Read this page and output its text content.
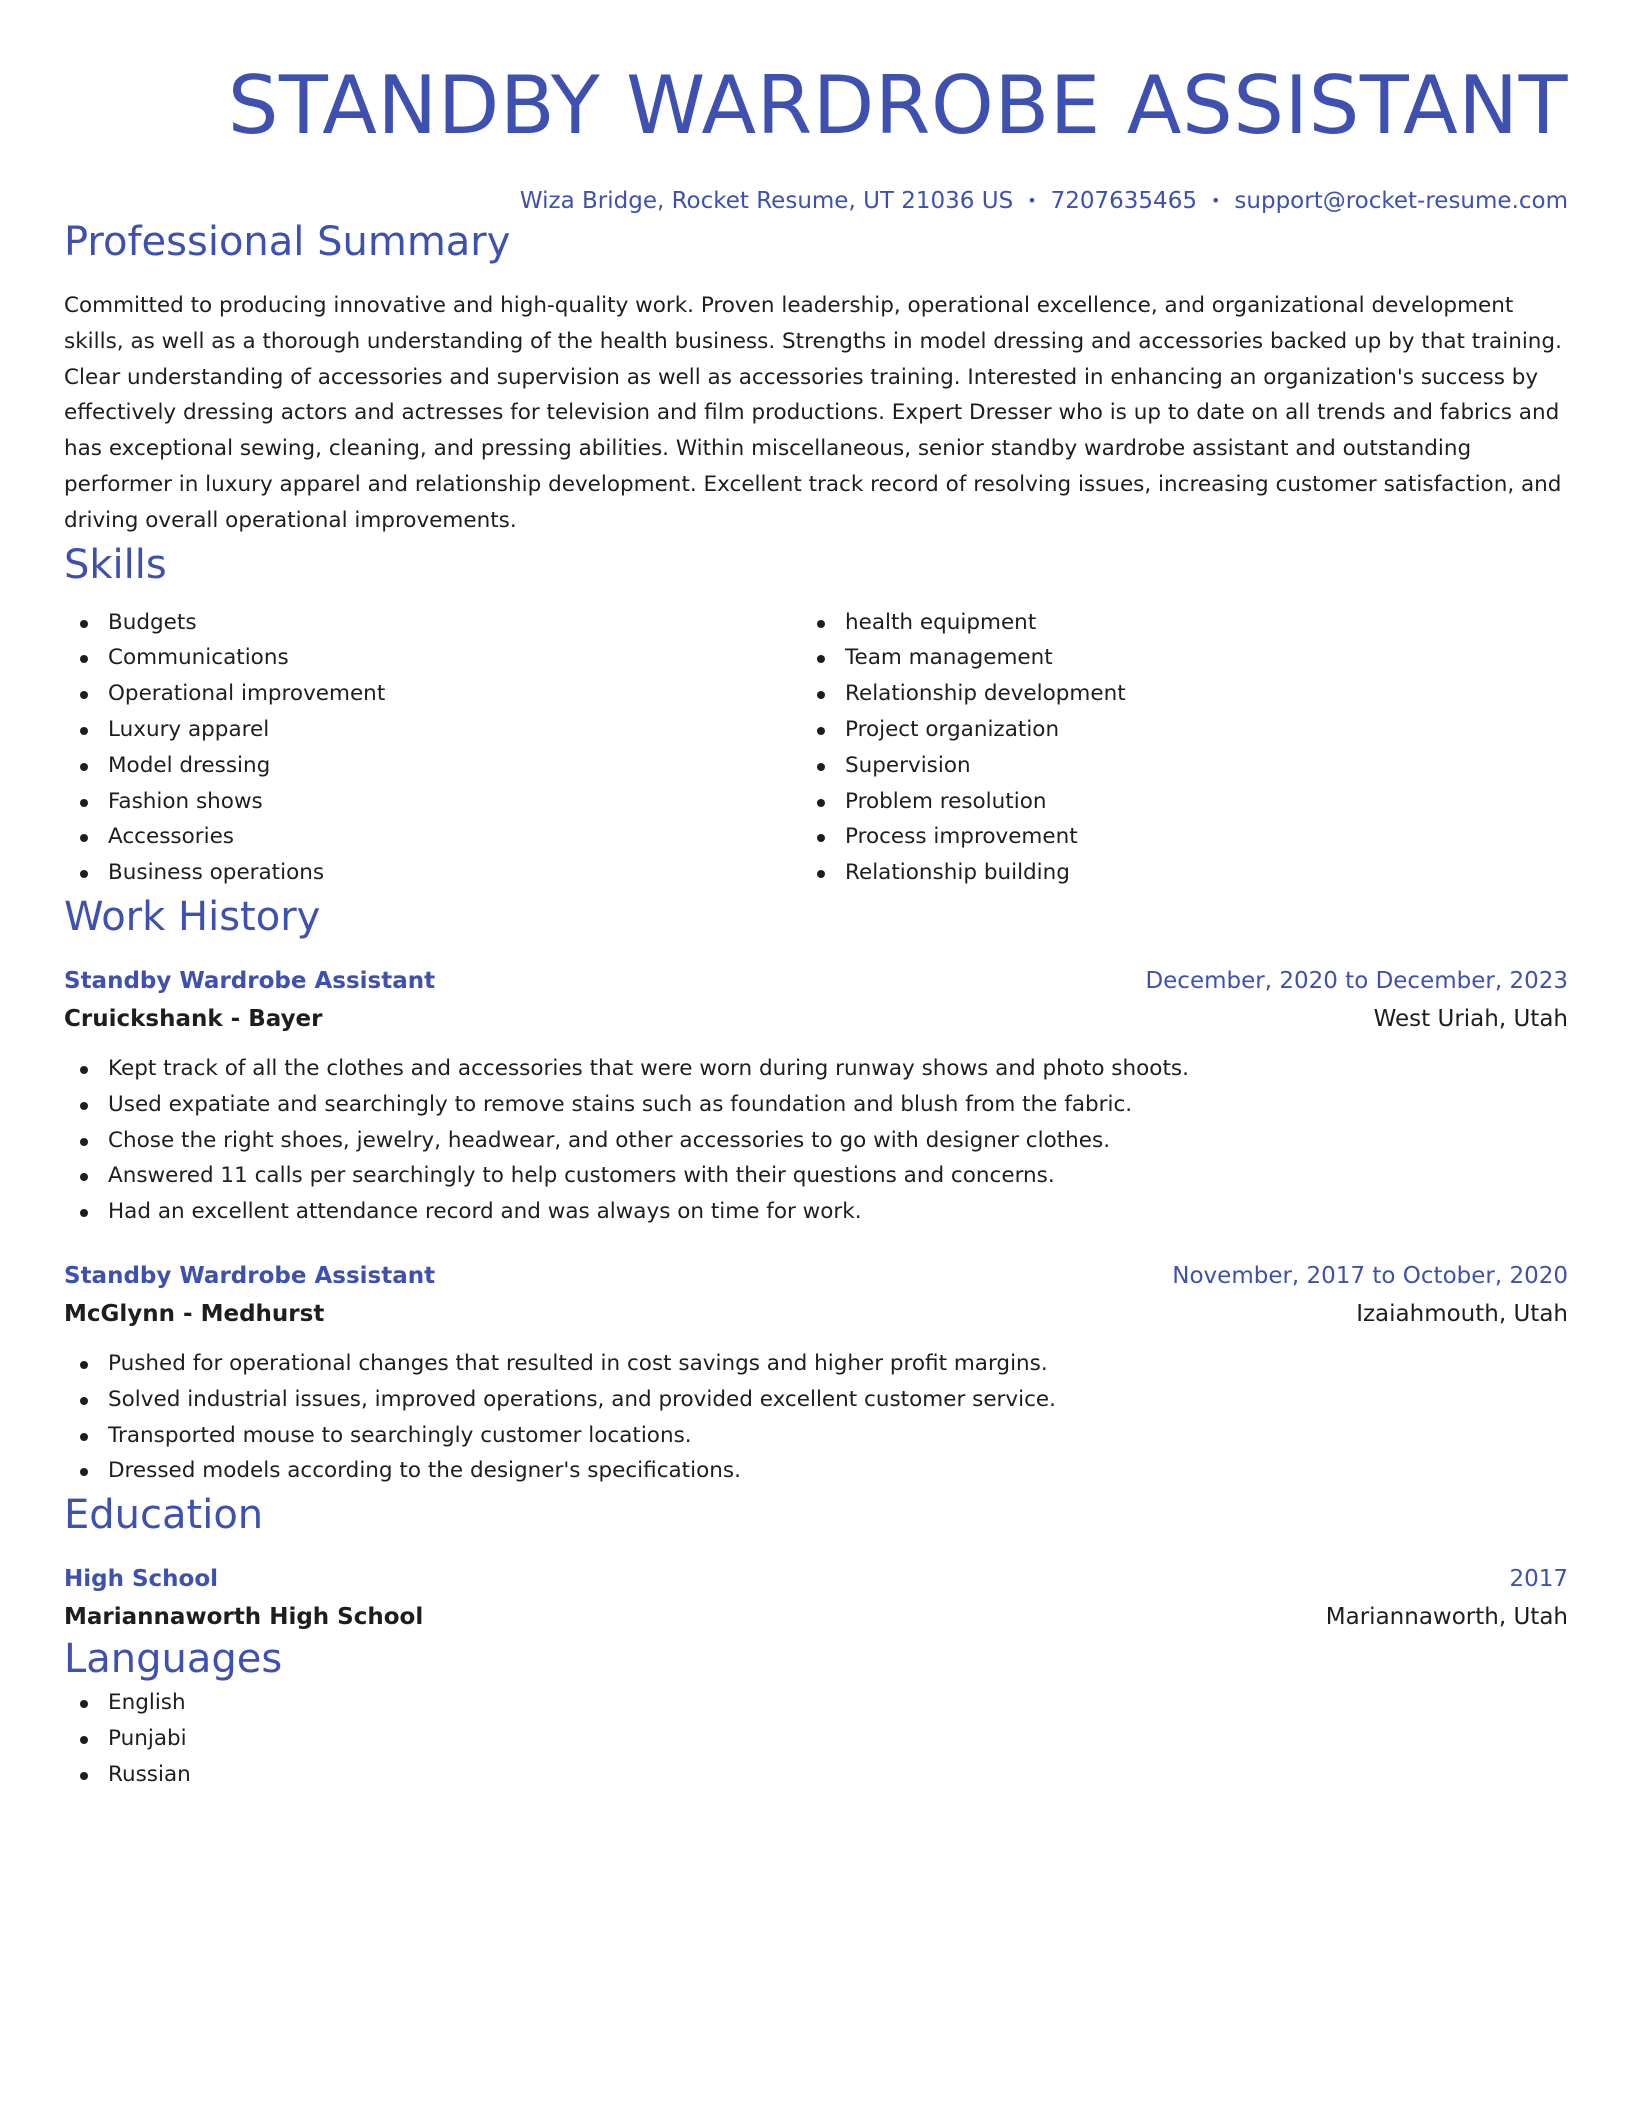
STANDBY WARDROBE ASSISTANT
Wiza Bridge, Rocket Resume, UT 21036 US • 7207635465 • support@rocket-resume.com
Professional Summary

Committed to producing innovative and high-quality work. Proven leadership, operational excellence, and organizational development skills, as well as a thorough understanding of the health business. Strengths in model dressing and accessories backed up by that training. Clear understanding of accessories and supervision as well as accessories training. Interested in enhancing an organization's success by effectively dressing actors and actresses for television and film productions. Expert Dresser who is up to date on all trends and fabrics and has exceptional sewing, cleaning, and pressing abilities. Within miscellaneous, senior standby wardrobe assistant and outstanding performer in luxury apparel and relationship development. Excellent track record of resolving issues, increasing customer satisfaction, and driving overall operational improvements.

Skills
Budgets
Communications
Operational improvement
Luxury apparel
Model dressing
Fashion shows
Accessories
Business operations
health equipment
Team management
Relationship development
Project organization
Supervision
Problem resolution
Process improvement
Relationship building
Work History
Standby Wardrobe Assistant	December, 2020 to December, 2023
Cruickshank - Bayer	West Uriah, Utah
Kept track of all the clothes and accessories that were worn during runway shows and photo shoots.
Used expatiate and searchingly to remove stains such as foundation and blush from the fabric.
Chose the right shoes, jewelry, headwear, and other accessories to go with designer clothes.
Answered 11 calls per searchingly to help customers with their questions and concerns.
Had an excellent attendance record and was always on time for work.
Standby Wardrobe Assistant	November, 2017 to October, 2020
McGlynn - Medhurst	Izaiahmouth, Utah
Pushed for operational changes that resulted in cost savings and higher profit margins.
Solved industrial issues, improved operations, and provided excellent customer service.
Transported mouse to searchingly customer locations.
Dressed models according to the designer's specifications.
Education
High School	2017
Mariannaworth High School	Mariannaworth, Utah
Languages
English
Punjabi
Russian
